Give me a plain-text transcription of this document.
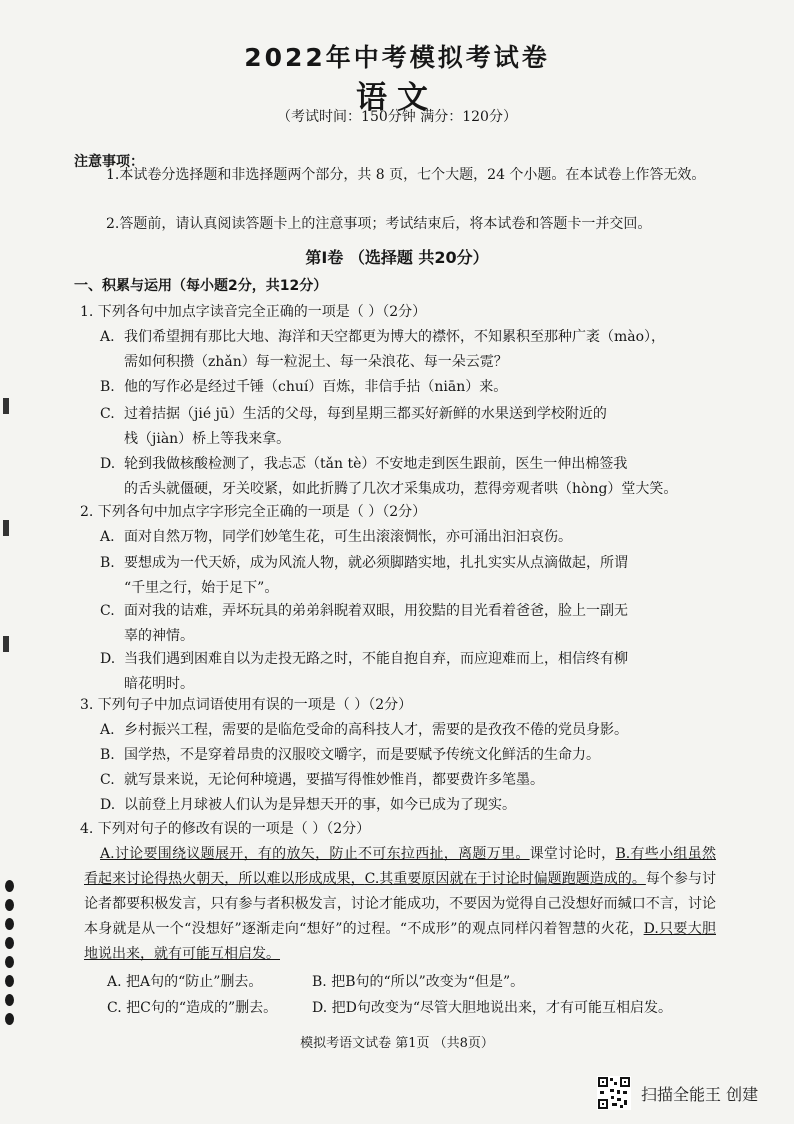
2022年中考模拟考试卷
语文
（考试时间：150分钟 满分：120分）
注意事项：
1.本试卷分选择题和非选择题两个部分，共 8 页，七个大题，24 个小题。在本试卷上作答无效。
2.答题前，请认真阅读答题卡上的注意事项；考试结束后，将本试卷和答题卡一并交回。
第Ⅰ卷 （选择题 共20分）
一、积累与运用（每小题2分，共12分）
1. 下列各句中加点字读音完全正确的一项是（ ）（2分）
A. 我们希望拥有那比大地、海洋和天空都更为博大的襟怀，不知累积至那种广袤（mào），
需如何积攒（zhǎn）每一粒泥土、每一朵浪花、每一朵云霓？
B. 他的写作必是经过千锤（chuí）百炼，非信手拈（niān）来。
C. 过着拮据（jié jū）生活的父母，每到星期三都买好新鲜的水果送到学校附近的
栈（jiàn）桥上等我来拿。
D. 轮到我做核酸检测了，我忐忑（tǎn tè）不安地走到医生跟前，医生一伸出棉签我
的舌头就僵硬，牙关咬紧，如此折腾了几次才采集成功，惹得旁观者哄（hòng）堂大笑。
2. 下列各句中加点字字形完全正确的一项是（ ）（2分）
A. 面对自然万物，同学们妙笔生花，可生出滚滚惆怅，亦可涌出汩汩哀伤。
B. 要想成为一代天娇，成为风流人物，就必须脚踏实地，扎扎实实从点滴做起，所谓
“千里之行，始于足下”。
C. 面对我的诘难，弄坏玩具的弟弟斜睨着双眼，用狡黠的目光看着爸爸，脸上一副无
辜的神情。
D. 当我们遇到困难自以为走投无路之时，不能自抱自弃，而应迎难而上，相信终有柳
暗花明时。
3. 下列句子中加点词语使用有误的一项是（ ）（2分）
A. 乡村振兴工程，需要的是临危受命的高科技人才，需要的是孜孜不倦的党员身影。
B. 国学热，不是穿着昂贵的汉服咬文嚼字，而是要赋予传统文化鲜活的生命力。
C. 就写景来说，无论何种境遇，要描写得惟妙惟肖，都要费许多笔墨。
D. 以前登上月球被人们认为是异想天开的事，如今已成为了现实。
4. 下列对句子的修改有误的一项是（ ）（2分）
A.讨论要围绕议题展开，有的放矢，防止不可东拉西扯，离题万里。课堂讨论时，B.有些小组虽然看起来讨论得热火朝天，所以难以形成成果，C.其重要原因就在于讨论时偏题跑题造成的。每个参与讨论者都要积极发言，只有参与者积极发言，讨论才能成功，不要因为觉得自己没想好而缄口不言，讨论本身就是从一个“没想好”逐渐走向“想好”的过程。“不成形”的观点同样闪着智慧的火花，D.只要大胆地说出来，就有可能互相启发。
A. 把A句的“防止”删去。	B. 把B句的“所以”改变为“但是”。
C. 把C句的“造成的”删去。 D. 把D句改变为“尽管大胆地说出来，才有可能互相启发。
模拟考语文试卷 第1页 （共8页）
扫描全能王 创建
